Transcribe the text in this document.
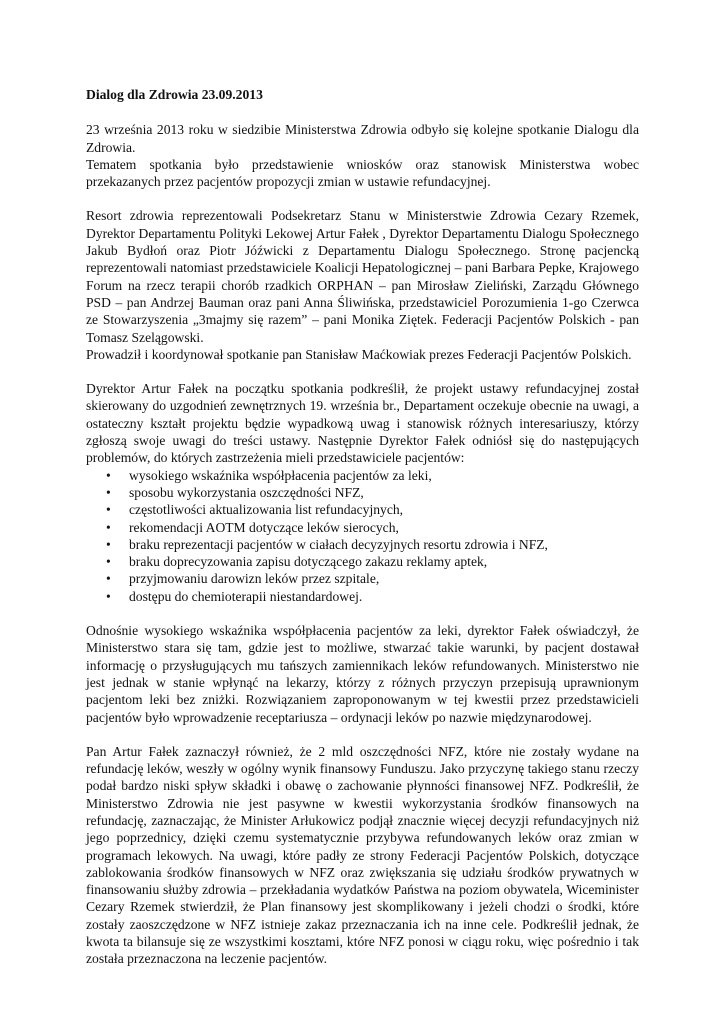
Dialog dla Zdrowia 23.09.2013
23 września 2013 roku w siedzibie Ministerstwa Zdrowia odbyło się kolejne spotkanie Dialogu dla Zdrowia.
Tematem spotkania było przedstawienie wniosków oraz stanowisk Ministerstwa wobec przekazanych przez pacjentów propozycji zmian w ustawie refundacyjnej.
Resort zdrowia reprezentowali Podsekretarz Stanu w Ministerstwie Zdrowia Cezary Rzemek, Dyrektor Departamentu Polityki Lekowej Artur Fałek , Dyrektor Departamentu Dialogu Społecznego Jakub Bydłoń oraz Piotr Jóźwicki z Departamentu Dialogu Społecznego. Stronę pacjencką reprezentowali natomiast przedstawiciele Koalicji Hepatologicznej – pani Barbara Pepke, Krajowego Forum na rzecz terapii chorób rzadkich ORPHAN – pan Mirosław Zieliński, Zarządu Głównego PSD – pan Andrzej Bauman oraz pani Anna Śliwińska, przedstawiciel Porozumienia 1-go Czerwca ze Stowarzyszenia „3majmy się razem” – pani Monika Ziętek. Federacji Pacjentów Polskich - pan Tomasz Szelągowski.
Prowadził i koordynował spotkanie pan Stanisław Maćkowiak prezes Federacji Pacjentów Polskich.
Dyrektor Artur Fałek na początku spotkania podkreślił, że projekt ustawy refundacyjnej został skierowany do uzgodnień zewnętrznych 19. września br., Departament oczekuje obecnie na uwagi, a ostateczny kształt projektu będzie wypadkową uwag i stanowisk różnych interesariuszy, którzy zgłoszą swoje uwagi do treści ustawy. Następnie Dyrektor Fałek odniósł się do następujących problemów, do których zastrzeżenia mieli przedstawiciele pacjentów:
• wysokiego wskaźnika współpłacenia pacjentów za leki,
• sposobu wykorzystania oszczędności NFZ,
• częstotliwości aktualizowania list refundacyjnych,
• rekomendacji AOTM dotyczące leków sierocych,
• braku reprezentacji pacjentów w ciałach decyzyjnych resortu zdrowia i NFZ,
• braku doprecyzowania zapisu dotyczącego zakazu reklamy aptek,
• przyjmowaniu darowizn leków przez szpitale,
• dostępu do chemioterapii niestandardowej.
Odnośnie wysokiego wskaźnika współpłacenia pacjentów za leki, dyrektor Fałek oświadczył, że Ministerstwo stara się tam, gdzie jest to możliwe, stwarzać takie warunki, by pacjent dostawał informację o przysługujących mu tańszych zamiennikach leków refundowanych. Ministerstwo nie jest jednak w stanie wpłynąć na lekarzy, którzy z różnych przyczyn przepisują uprawnionym pacjentom leki bez zniżki. Rozwiązaniem zaproponowanym w tej kwestii przez przedstawicieli pacjentów było wprowadzenie receptariusza – ordynacji leków po nazwie międzynarodowej.
Pan Artur Fałek zaznaczył również, że 2 mld oszczędności NFZ, które nie zostały wydane na refundację leków, weszły w ogólny wynik finansowy Funduszu. Jako przyczynę takiego stanu rzeczy podał bardzo niski spływ składki i obawę o zachowanie płynności finansowej NFZ. Podkreślił, że Ministerstwo Zdrowia nie jest pasywne w kwestii wykorzystania środków finansowych na refundację, zaznaczając, że Minister Arłukowicz podjął znacznie więcej decyzji refundacyjnych niż jego poprzednicy, dzięki czemu systematycznie przybywa refundowanych leków oraz zmian w programach lekowych. Na uwagi, które padły ze strony Federacji Pacjentów Polskich, dotyczące zablokowania środków finansowych w NFZ oraz zwiększania się udziału środków prywatnych w finansowaniu służby zdrowia – przekładania wydatków Państwa na poziom obywatela, Wiceminister Cezary Rzemek stwierdził, że Plan finansowy jest skomplikowany i jeżeli chodzi o środki, które zostały zaoszczędzone w NFZ istnieje zakaz przeznaczania ich na inne cele. Podkreślił jednak, że kwota ta bilansuje się ze wszystkimi kosztami, które NFZ ponosi w ciągu roku, więc pośrednio i tak została przeznaczona na leczenie pacjentów.
